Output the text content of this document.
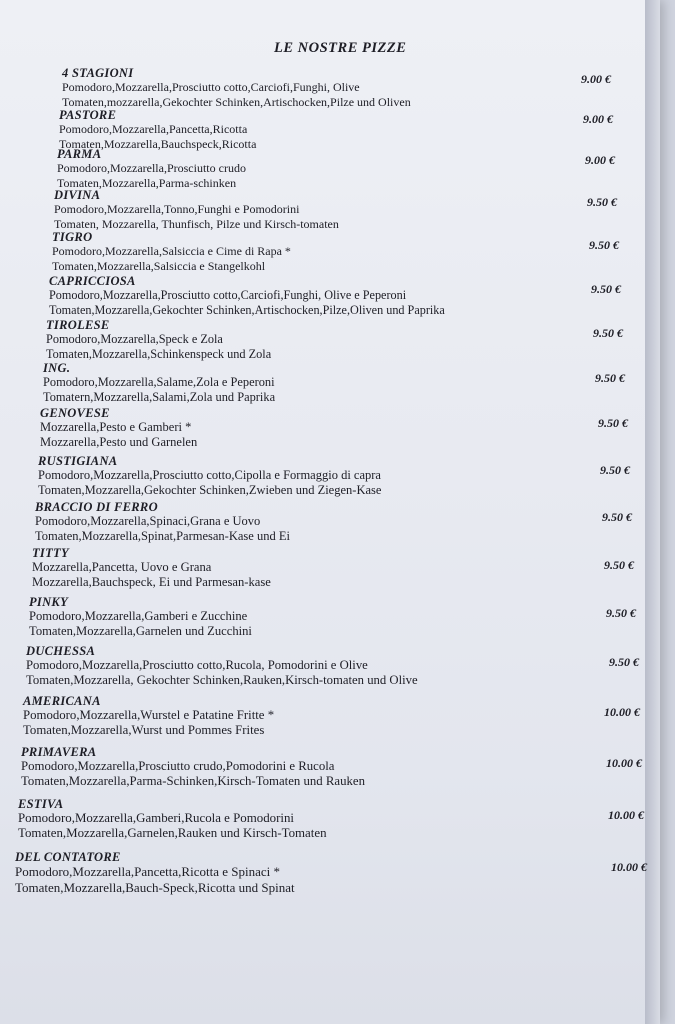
LE NOSTRE PIZZE
4 STAGIONI
Pomodoro,Mozzarella,Prosciutto cotto,Carciofi,Funghi, Olive
Tomaten,mozzarella,Gekochter Schinken,Artischocken,Pilze und Oliven
9.00 €
PASTORE
Pomodoro,Mozzarella,Pancetta,Ricotta
Tomaten,Mozzarella,Bauchspeck,Ricotta
9.00 €
PARMA
Pomodoro,Mozzarella,Prosciutto crudo
Tomaten,Mozzarella,Parma-schinken
9.00 €
DIVINA
Pomodoro,Mozzarella,Tonno,Funghi e Pomodorini
Tomaten, Mozzarella, Thunfisch, Pilze und Kirsch-tomaten
9.50 €
TIGRO
Pomodoro,Mozzarella,Salsiccia e Cime di Rapa *
Tomaten,Mozzarella,Salsiccia e Stangelkohl
9.50 €
CAPRICCIOSA
Pomodoro,Mozzarella,Prosciutto cotto,Carciofi,Funghi, Olive e Peperoni
Tomaten,Mozzarella,Gekochter Schinken,Artischocken,Pilze,Oliven und Paprika
9.50 €
TIROLESE
Pomodoro,Mozzarella,Speck e Zola
Tomaten,Mozzarella,Schinkenspeck und Zola
9.50 €
ING.
Pomodoro,Mozzarella,Salame,Zola e Peperoni
Tomatern,Mozzarella,Salami,Zola und Paprika
9.50 €
GENOVESE
Mozzarella,Pesto e Gamberi *
Mozzarella,Pesto und Garnelen
9.50 €
RUSTIGIANA
Pomodoro,Mozzarella,Prosciutto cotto,Cipolla e Formaggio di capra
Tomaten,Mozzarella,Gekochter Schinken,Zwieben und Ziegen-Kase
9.50 €
BRACCIO DI FERRO
Pomodoro,Mozzarella,Spinaci,Grana e Uovo
Tomaten,Mozzarella,Spinat,Parmesan-Kase und Ei
9.50 €
TITTY
Mozzarella,Pancetta, Uovo e Grana
Mozzarella,Bauchspeck, Ei und Parmesan-kase
9.50 €
PINKY
Pomodoro,Mozzarella,Gamberi e Zucchine
Tomaten,Mozzarella,Garnelen und Zucchini
9.50 €
DUCHESSA
Pomodoro,Mozzarella,Prosciutto cotto,Rucola, Pomodorini e Olive
Tomaten,Mozzarella, Gekochter Schinken,Rauken,Kirsch-tomaten und Olive
9.50 €
AMERICANA
Pomodoro,Mozzarella,Wurstel e Patatine Fritte *
Tomaten,Mozzarella,Wurst und Pommes Frites
10.00 €
PRIMAVERA
Pomodoro,Mozzarella,Prosciutto crudo,Pomodorini e Rucola
Tomaten,Mozzarella,Parma-Schinken,Kirsch-Tomaten und Rauken
10.00 €
ESTIVA
Pomodoro,Mozzarella,Gamberi,Rucola e Pomodorini
Tomaten,Mozzarella,Garnelen,Rauken und Kirsch-Tomaten
10.00 €
DEL CONTATORE
Pomodoro,Mozzarella,Pancetta,Ricotta e Spinaci *
Tomaten,Mozzarella,Bauch-Speck,Ricotta und Spinat
10.00 €
